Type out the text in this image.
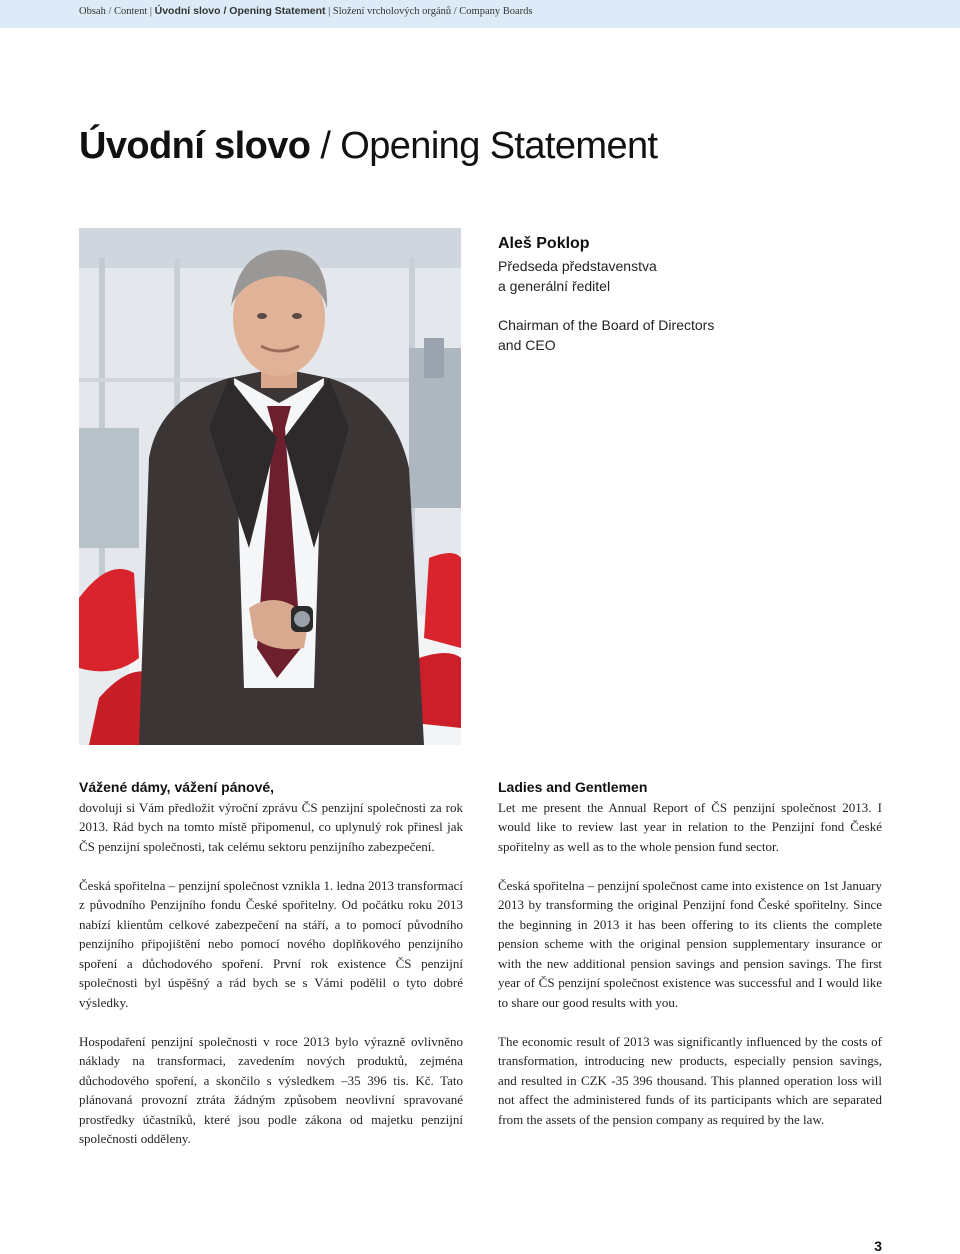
Obsah / Content | Úvodní slovo / Opening Statement | Složení vrcholových orgánů / Company Boards
Úvodní slovo / Opening Statement
Aleš Poklop
Předseda představenstva
a generální ředitel
Chairman of the Board of Directors
and CEO
Vážené dámy, vážení pánové,

dovoluji si Vám předložit výroční zprávu ČS penzijní společnosti za rok 2013. Rád bych na tomto místě připomenul, co uplynulý rok přinesl jak ČS penzijní společnosti, tak celému sektoru penzijního zabezpečení.

Česká spořitelna – penzijní společnost vznikla 1. ledna 2013 transformací z původního Penzijního fondu České spořitelny. Od počátku roku 2013 nabízí klientům celkové zabezpečení na stáří, a to pomocí původního penzijního připojištění nebo pomocí nového doplňkového penzijního spoření a důchodového spoření. První rok existence ČS penzijní společnosti byl úspěšný a rád bych se s Vámi podělil o tyto dobré výsledky.

Hospodaření penzijní společnosti v roce 2013 bylo výrazně ovlivněno náklady na transformaci, zavedením nových produktů, zejména důchodového spoření, a skončilo s výsledkem –35 396 tis. Kč. Tato plánovaná provozní ztráta žádným způsobem neovlivní spravované prostředky účastníků, které jsou podle zákona od majetku penzijní společnosti odděleny.

Ladies and Gentlemen

Let me present the Annual Report of ČS penzijní společnost 2013. I would like to review last year in relation to the Penzijní fond České spořitelny as well as to the whole pension fund sector.

Česká spořitelna – penzijní společnost came into existence on 1st January 2013 by transforming the original Penzijní fond České spořitelny. Since the beginning in 2013 it has been offering to its clients the complete pension scheme with the original pension supplementary insurance or with the new additional pension savings and pension savings. The first year of ČS penzijní společnost existence was successful and I would like to share our good results with you.

The economic result of 2013 was significantly influenced by the costs of transformation, introducing new products, especially pension savings, and resulted in CZK -35 396 thousand. This planned operation loss will not affect the administered funds of its participants which are separated from the assets of the pension company as required by the law.

3
